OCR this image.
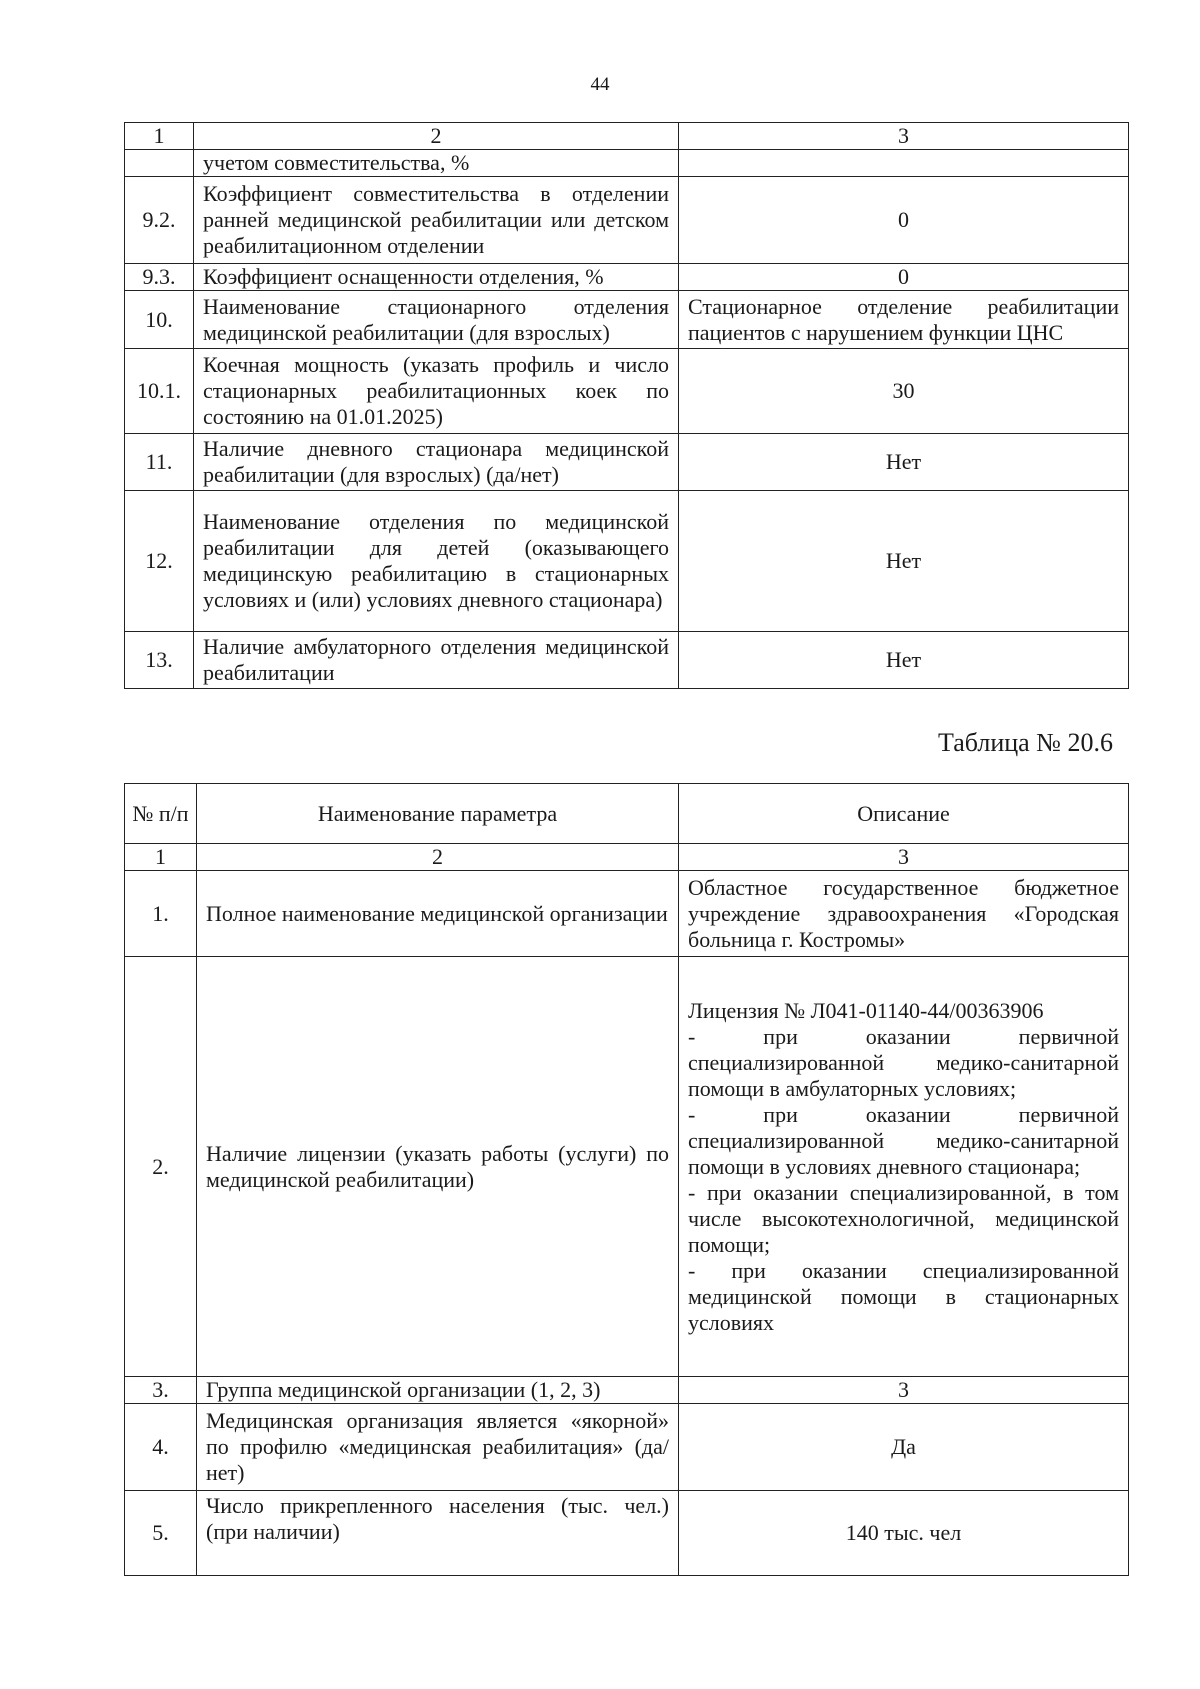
44
1	2	3
	учетом совместительства, %	
9.2.	Коэффициент совместительства в отделении ранней медицинской реабилитации или детском реабилитационном отделении	0
9.3.	Коэффициент оснащенности отделения, %	0
10.	Наименование стационарного отделения медицинской реабилитации (для взрослых)	Стационарное отделение реабилитации пациентов с нарушением функции ЦНС
10.1.	Коечная мощность (указать профиль и число стационарных реабилитационных коек по состоянию на 01.01.2025)	30
11.	Наличие дневного стационара медицинской реабилитации (для взрослых) (да/нет)	Нет
12.	Наименование отделения по медицинской реабилитации для детей (оказывающего медицинскую реабилитацию в стационарных условиях и (или) условиях дневного стационара)	Нет
13.	Наличие амбулаторного отделения медицинской реабилитации	Нет
Таблица № 20.6
№ п/п	Наименование параметра	Описание
1	2	3
1.	Полное наименование медицинской организации	Областное государственное бюджетное учреждение здравоохранения «Городская больница г. Костромы»
2.	Наличие лицензии (указать работы (услуги) по медицинской реабилитации)	Лицензия № Л041-01140-44/00363906
- при оказании первичной специализированной медико-санитарной помощи в амбулаторных условиях;
- при оказании первичной специализированной медико-санитарной помощи в условиях дневного стационара;
- при оказании специализированной, в том числе высокотехнологичной, медицинской помощи;
- при оказании специализированной медицинской помощи в стационарных условиях

3.	Группа медицинской организации (1, 2, 3)	3
4.	Медицинская организация является «якорной» по профилю «медицинская реабилитация» (да/нет)	Да
5.	Число прикрепленного населения (тыс. чел.) (при наличии)	140 тыс. чел
